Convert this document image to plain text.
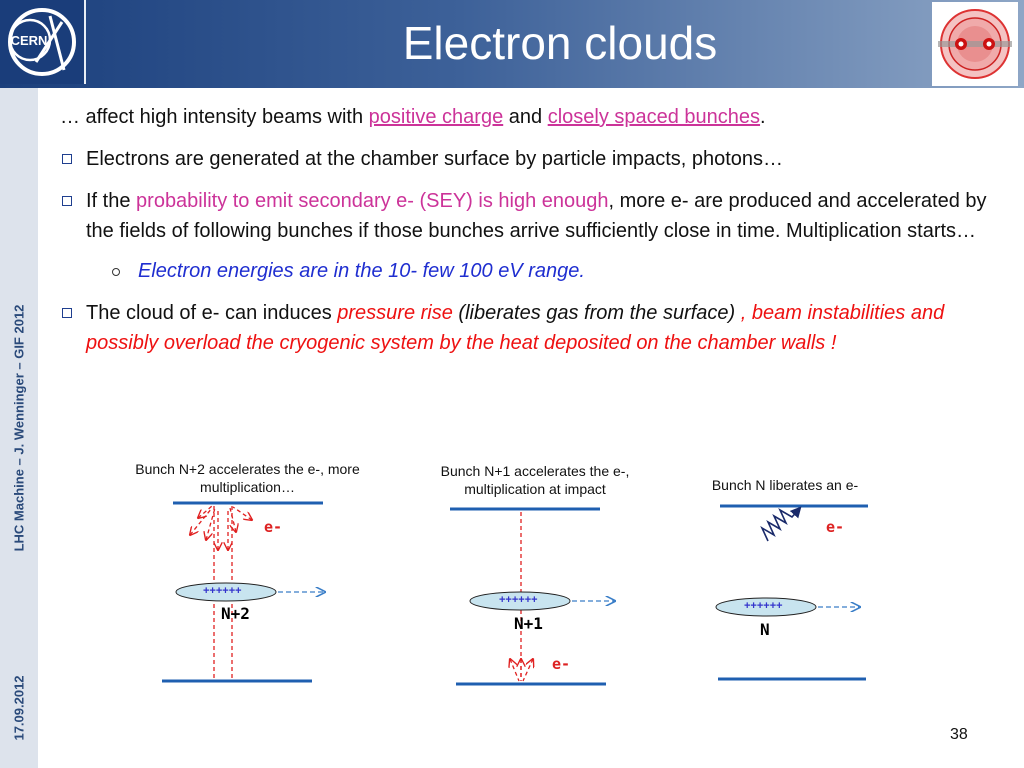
CERN	Electron clouds
LHC Machine – J. Wenninger – GIF 2012
17.09.2012
… affect high intensity beams with positive charge and closely spaced bunches.
Electrons are generated at the chamber surface by particle impacts, photons…
If the probability to emit secondary e- (SEY) is high enough, more e- are produced and accelerated by the fields of following bunches if those bunches arrive sufficiently close in time. Multiplication starts…
Electron energies are in the 10- few 100 eV range.
The cloud of e- can induces pressure rise (liberates gas from the surface) , beam instabilities and possibly overload the cryogenic system by the heat deposited on the chamber walls !
Bunch N+2 accelerates the e-, more multiplication…
Bunch N+1 accelerates the e-, multiplication at impact	Bunch N liberates an e-
++++++
++++++	++++++
N+2
N+1	N
e-
e-
e-
38
